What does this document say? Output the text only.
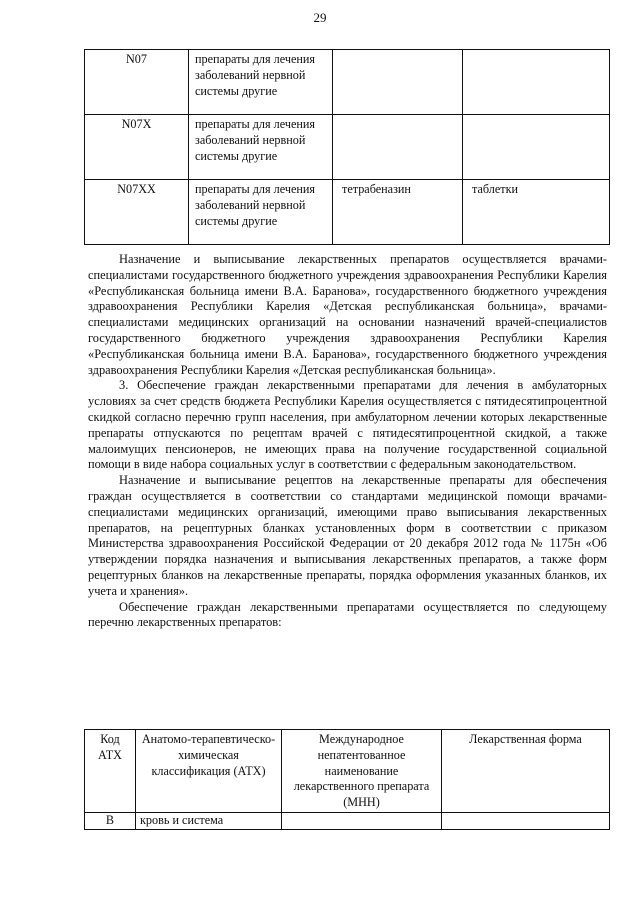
29
N07	препараты для лечения заболеваний нервной системы другие		
N07X	препараты для лечения заболеваний нервной системы другие		
N07XX	препараты для лечения заболеваний нервной системы другие	тетрабеназин	таблетки

Назначение и выписывание лекарственных препаратов осуществляется врачами-специалистами государственного бюджетного учреждения здравоохранения Республики Карелия «Республиканская больница имени В.А. Баранова», государственного бюджетного учреждения здравоохранения Республики Карелия «Детская республиканская больница», врачами-специалистами медицинских организаций на основании назначений врачей-специалистов государственного бюджетного учреждения здравоохранения Республики Карелия «Республиканская больница имени В.А. Баранова», государственного бюджетного учреждения здравоохранения Республики Карелия «Детская республиканская больница».

3. Обеспечение граждан лекарственными препаратами для лечения в амбулаторных условиях за счет средств бюджета Республики Карелия осуществляется с пятидесятипроцентной скидкой согласно перечню групп населения, при амбулаторном лечении которых лекарственные препараты отпускаются по рецептам врачей с пятидесятипроцентной скидкой, а также малоимущих пенсионеров, не имеющих права на получение государственной социальной помощи в виде набора социальных услуг в соответствии с федеральным законодательством.

Назначение и выписывание рецептов на лекарственные препараты для обеспечения граждан осуществляется в соответствии со стандартами медицинской помощи врачами-специалистами медицинских организаций, имеющими право выписывания лекарственных препаратов, на рецептурных бланках установленных форм в соответствии с приказом Министерства здравоохранения Российской Федерации от 20 декабря 2012 года № 1175н «Об утверждении порядка назначения и выписывания лекарственных препаратов, а также форм рецептурных бланков на лекарственные препараты, порядка оформления указанных бланков, их учета и хранения».

Обеспечение граждан лекарственными препаратами осуществляется по следующему перечню лекарственных препаратов:

Код АТХ	Анатомо-терапевтическо-химическая классификация (АТХ)	Международное непатентованное наименование лекарственного препарата (МНН)	Лекарственная форма
B	кровь и система		
